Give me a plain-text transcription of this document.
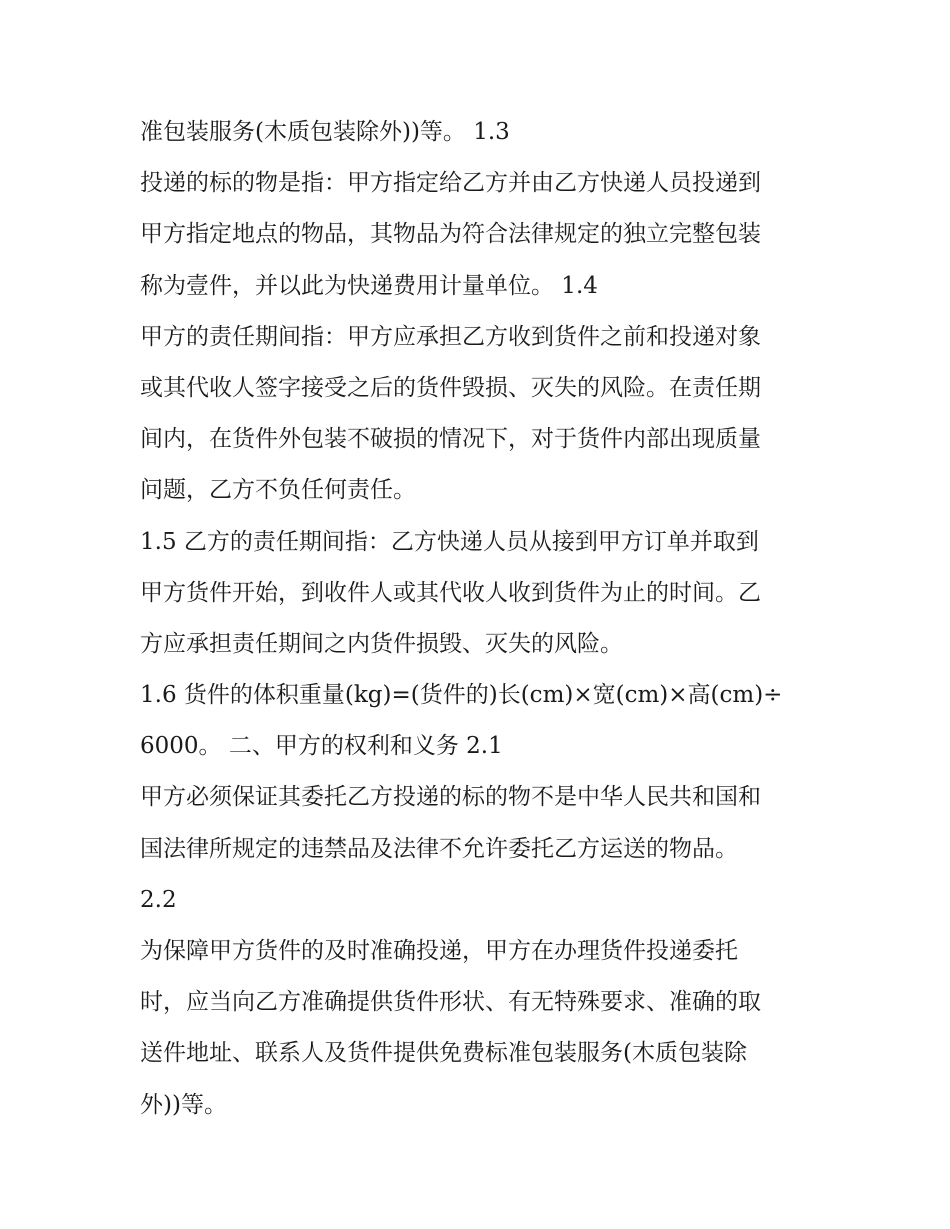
准包装服务(木质包装除外))等。 1.3
投递的标的物是指：甲方指定给乙方并由乙方快递人员投递到
甲方指定地点的物品，其物品为符合法律规定的独立完整包装
称为壹件，并以此为快递费用计量单位。 1.4
甲方的责任期间指：甲方应承担乙方收到货件之前和投递对象
或其代收人签字接受之后的货件毁损、灭失的风险。在责任期
间内，在货件外包装不破损的情况下，对于货件内部出现质量
问题，乙方不负任何责任。
1.5 乙方的责任期间指：乙方快递人员从接到甲方订单并取到
甲方货件开始，到收件人或其代收人收到货件为止的时间。乙
方应承担责任期间之内货件损毁、灭失的风险。
1.6 货件的体积重量(kg)=(货件的)长(cm)×宽(cm)×高(cm)÷
6000。 二、甲方的权利和义务 2.1
甲方必须保证其委托乙方投递的标的物不是中华人民共和国和
国法律所规定的违禁品及法律不允许委托乙方运送的物品。
2.2
为保障甲方货件的及时准确投递，甲方在办理货件投递委托
时，应当向乙方准确提供货件形状、有无特殊要求、准确的取
送件地址、联系人及货件提供免费标准包装服务(木质包装除
外))等。
